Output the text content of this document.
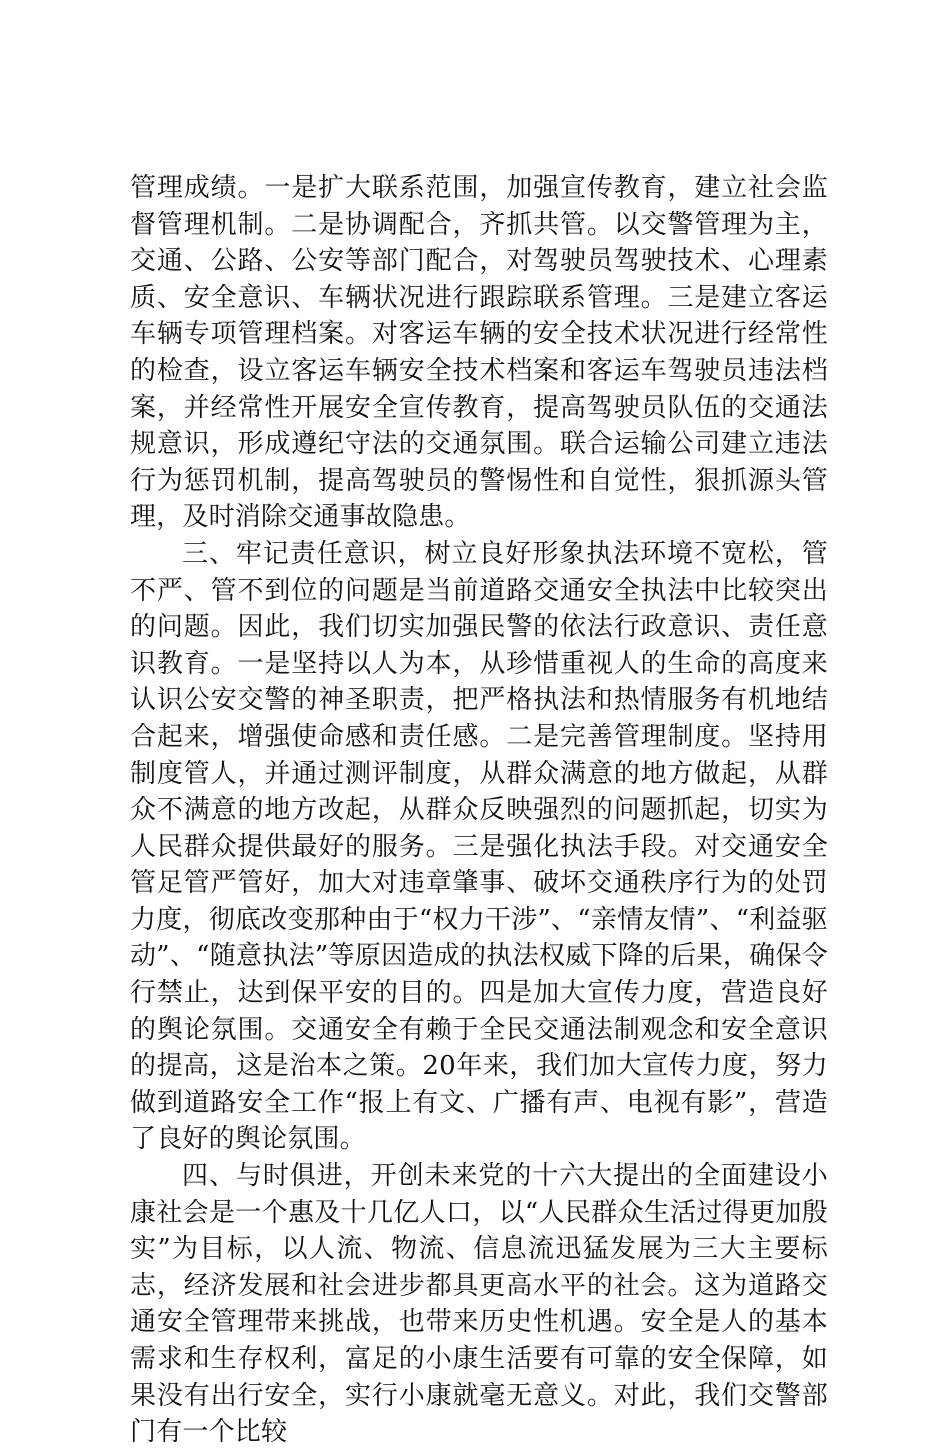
管理成绩。一是扩大联系范围，加强宣传教育，建立社会监督管理机制。二是协调配合，齐抓共管。以交警管理为主，交通、公路、公安等部门配合，对驾驶员驾驶技术、心理素质、安全意识、车辆状况进行跟踪联系管理。三是建立客运车辆专项管理档案。对客运车辆的安全技术状况进行经常性的检查，设立客运车辆安全技术档案和客运车驾驶员违法档案，并经常性开展安全宣传教育，提高驾驶员队伍的交通法规意识，形成遵纪守法的交通氛围。联合运输公司建立违法行为惩罚机制，提高驾驶员的警惕性和自觉性，狠抓源头管理，及时消除交通事故隐患。

三、牢记责任意识，树立良好形象执法环境不宽松，管不严、管不到位的问题是当前道路交通安全执法中比较突出的问题。因此，我们切实加强民警的依法行政意识、责任意识教育。一是坚持以人为本，从珍惜重视人的生命的高度来认识公安交警的神圣职责，把严格执法和热情服务有机地结合起来，增强使命感和责任感。二是完善管理制度。坚持用制度管人，并通过测评制度，从群众满意的地方做起，从群众不满意的地方改起，从群众反映强烈的问题抓起，切实为人民群众提供最好的服务。三是强化执法手段。对交通安全管足管严管好，加大对违章肇事、破坏交通秩序行为的处罚力度，彻底改变那种由于“权力干涉”、“亲情友情”、“利益驱动”、“随意执法”等原因造成的执法权威下降的后果，确保令行禁止，达到保平安的目的。四是加大宣传力度，营造良好的舆论氛围。交通安全有赖于全民交通法制观念和安全意识的提高，这是治本之策。20年来，我们加大宣传力度，努力做到道路安全工作“报上有文、广播有声、电视有影”，营造了良好的舆论氛围。

四、与时俱进，开创未来党的十六大提出的全面建设小康社会是一个惠及十几亿人口，以“人民群众生活过得更加殷实”为目标，以人流、物流、信息流迅猛发展为三大主要标志，经济发展和社会进步都具更高水平的社会。这为道路交通安全管理带来挑战，也带来历史性机遇。安全是人的基本需求和生存权利，富足的小康生活要有可靠的安全保障，如果没有出行安全，实行小康就毫无意义。对此，我们交警部门有一个比较
